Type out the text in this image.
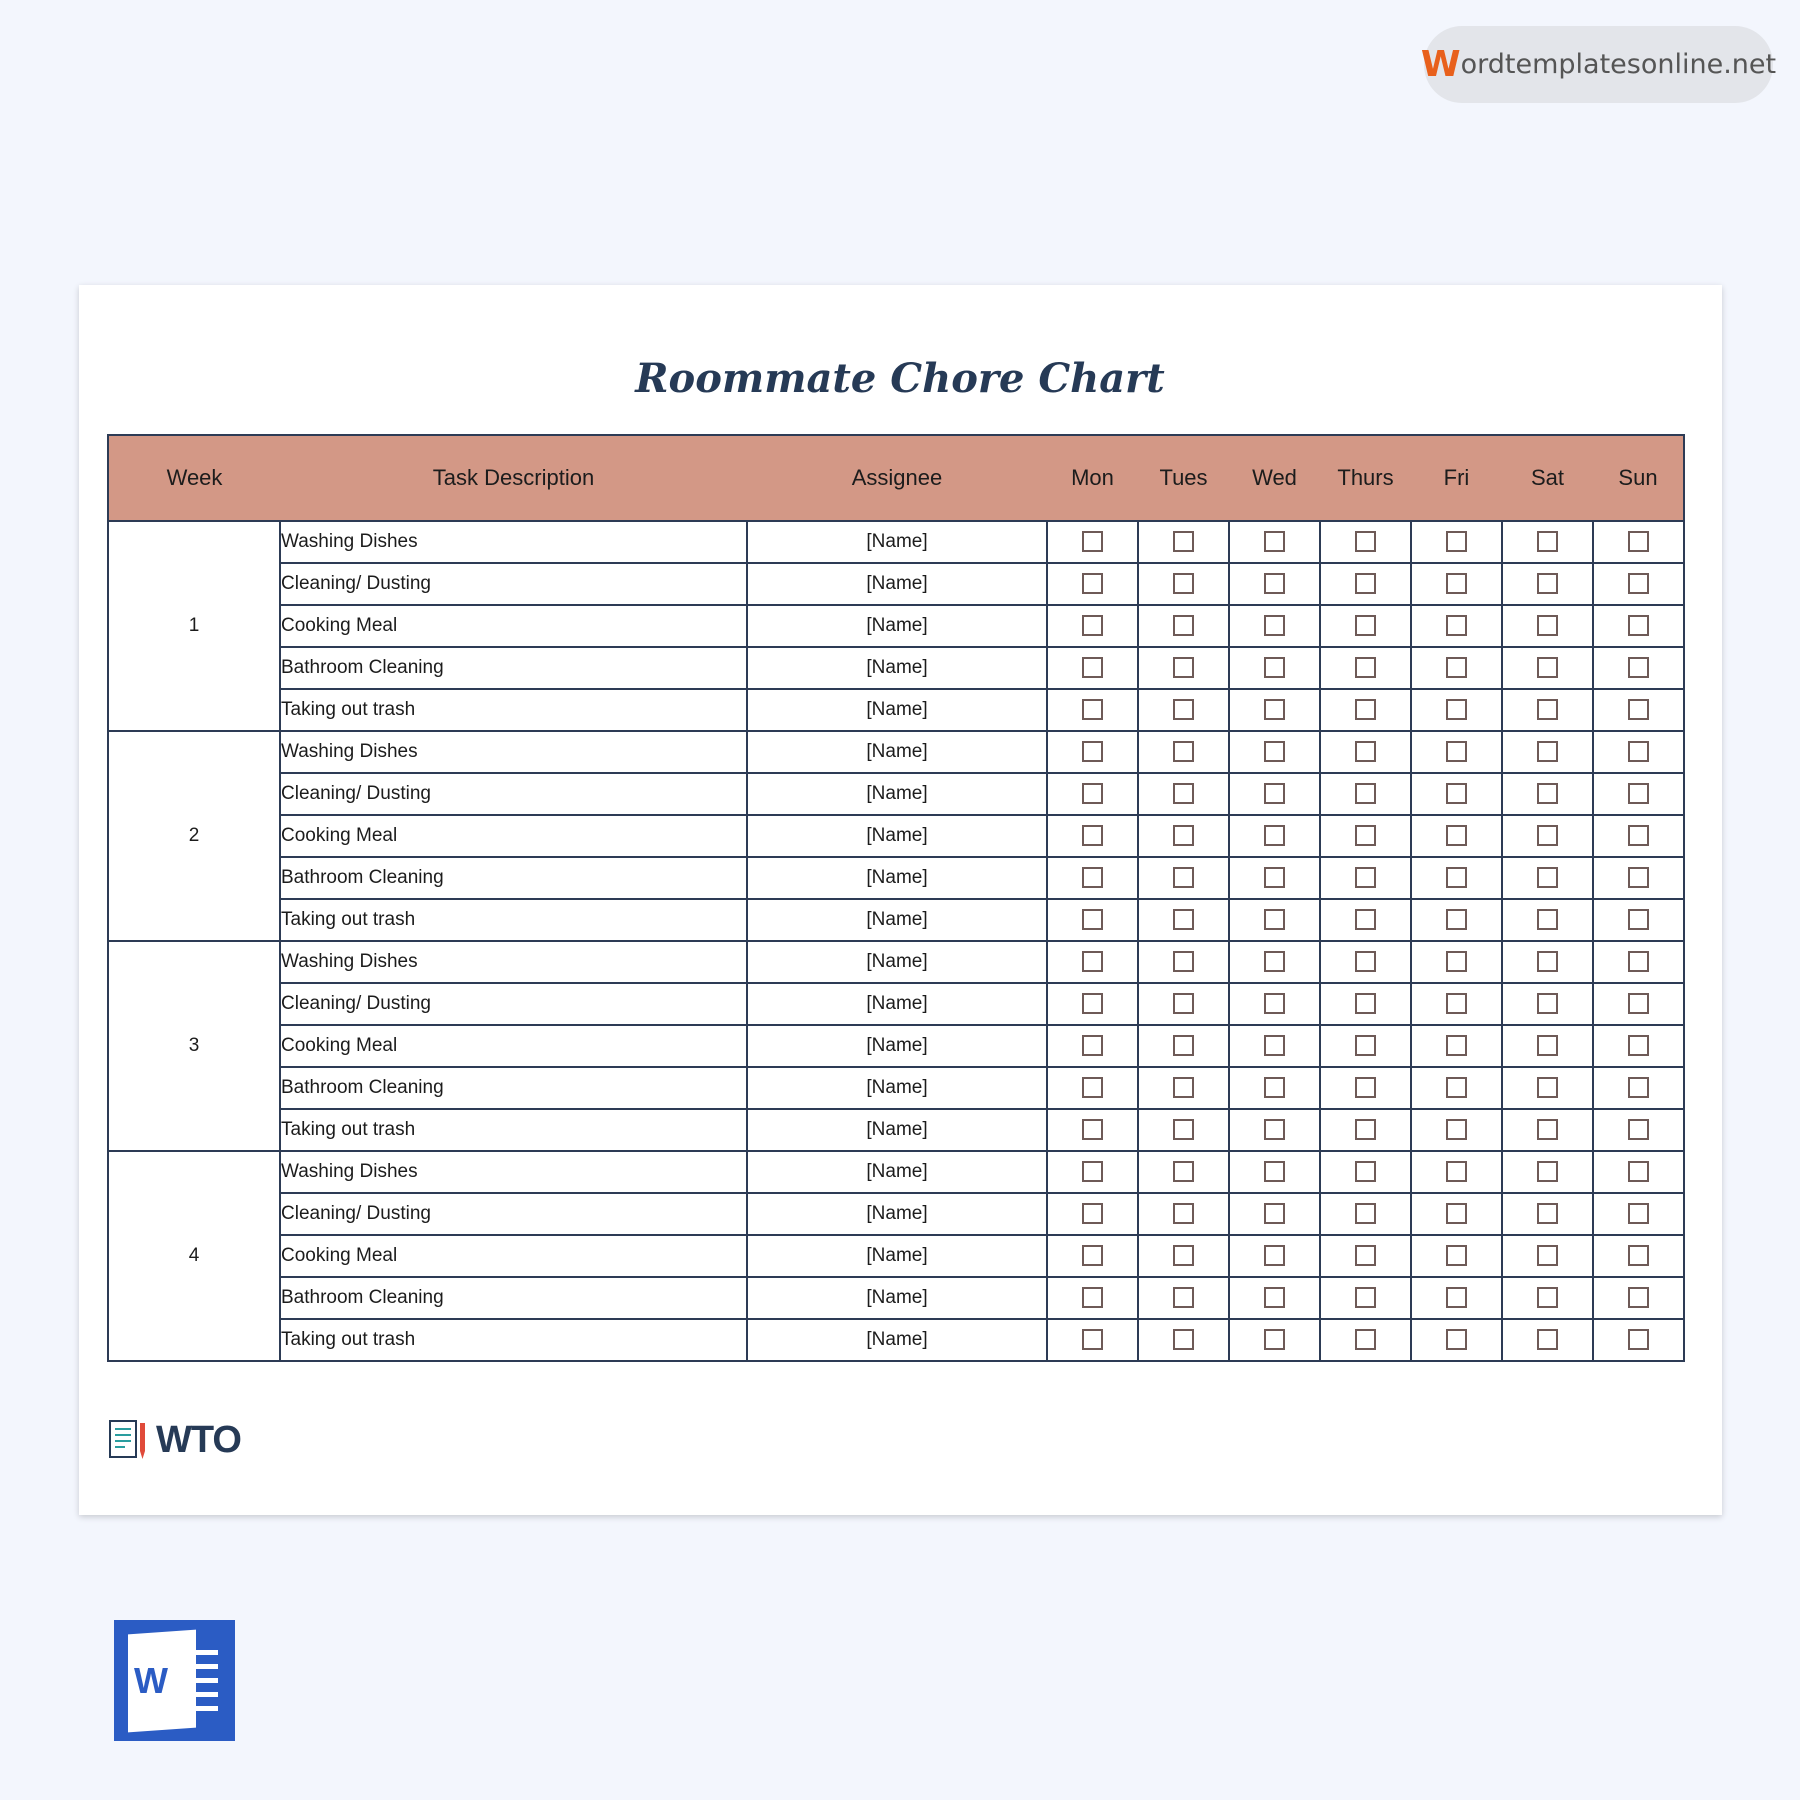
W ordtemplatesonline.net
Roommate Chore Chart
Week	Task Description	Assignee	Mon	Tues	Wed	Thurs	Fri	Sat	Sun
1	Washing Dishes	[Name]							
	Cleaning/ Dusting	[Name]							
	Cooking Meal	[Name]							
	Bathroom Cleaning	[Name]							
	Taking out trash	[Name]							
2	Washing Dishes	[Name]							
	Cleaning/ Dusting	[Name]							
	Cooking Meal	[Name]							
	Bathroom Cleaning	[Name]							
	Taking out trash	[Name]							
3	Washing Dishes	[Name]							
	Cleaning/ Dusting	[Name]							
	Cooking Meal	[Name]							
	Bathroom Cleaning	[Name]							
	Taking out trash	[Name]							
4	Washing Dishes	[Name]							
	Cleaning/ Dusting	[Name]							
	Cooking Meal	[Name]							
	Bathroom Cleaning	[Name]							
	Taking out trash	[Name]							
WTO
W
